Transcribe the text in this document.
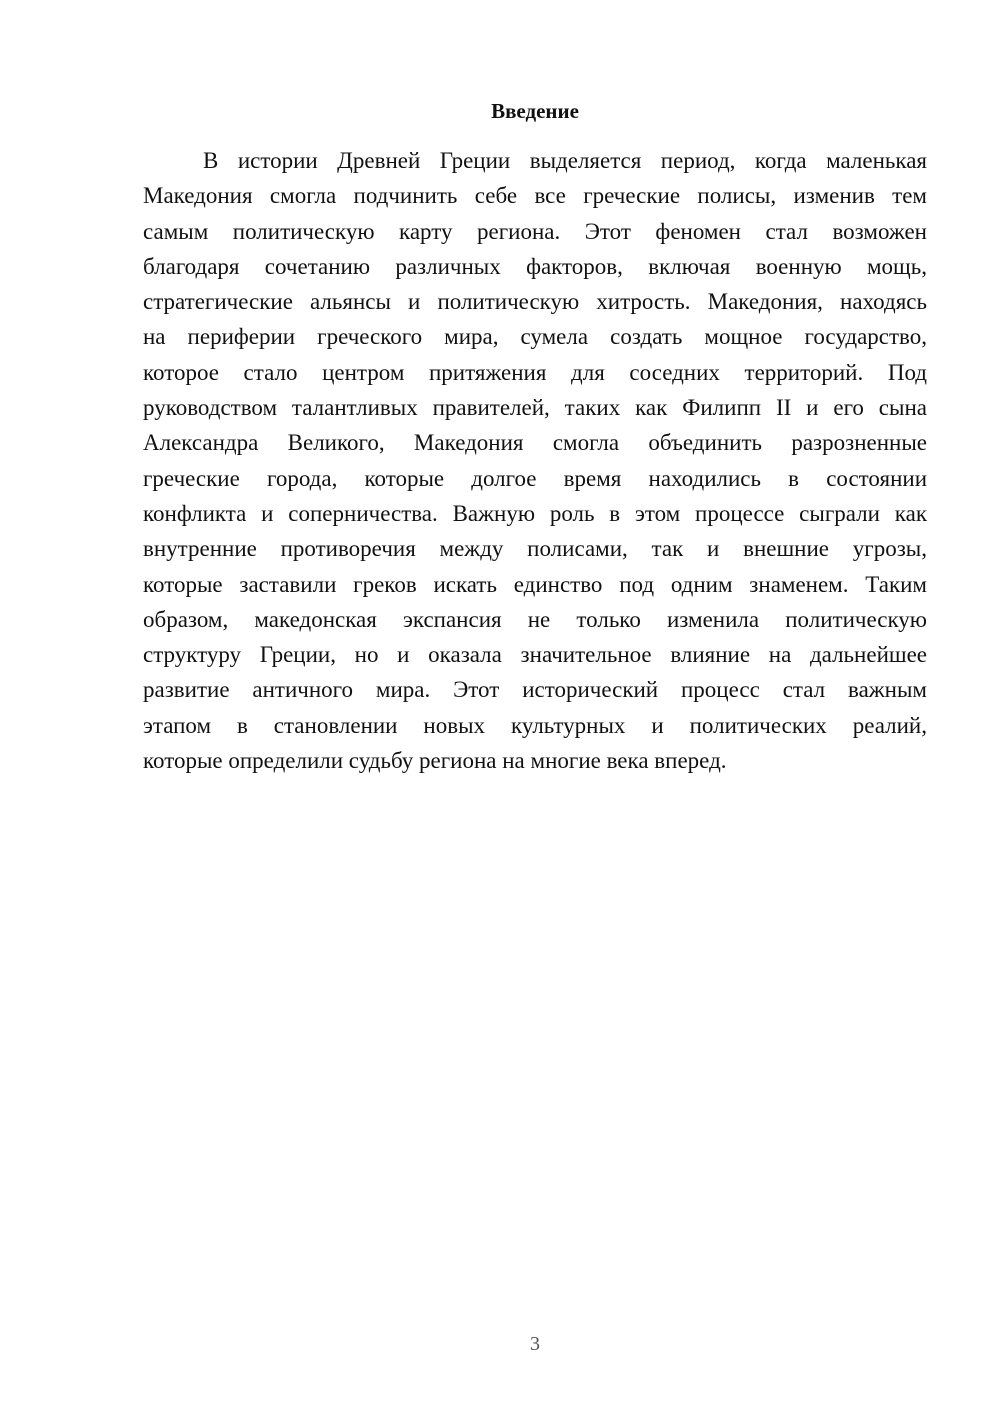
Введение
В истории Древней Греции выделяется период, когда маленькая
Македония смогла подчинить себе все греческие полисы, изменив тем
самым политическую карту региона. Этот феномен стал возможен
благодаря сочетанию различных факторов, включая военную мощь,
стратегические альянсы и политическую хитрость. Македония, находясь
на периферии греческого мира, сумела создать мощное государство,
которое стало центром притяжения для соседних территорий. Под
руководством талантливых правителей, таких как Филипп II и его сына
Александра Великого, Македония смогла объединить разрозненные
греческие города, которые долгое время находились в состоянии
конфликта и соперничества. Важную роль в этом процессе сыграли как
внутренние противоречия между полисами, так и внешние угрозы,
которые заставили греков искать единство под одним знаменем. Таким
образом, македонская экспансия не только изменила политическую
структуру Греции, но и оказала значительное влияние на дальнейшее
развитие античного мира. Этот исторический процесс стал важным
этапом в становлении новых культурных и политических реалий,
которые определили судьбу региона на многие века вперед.
3
